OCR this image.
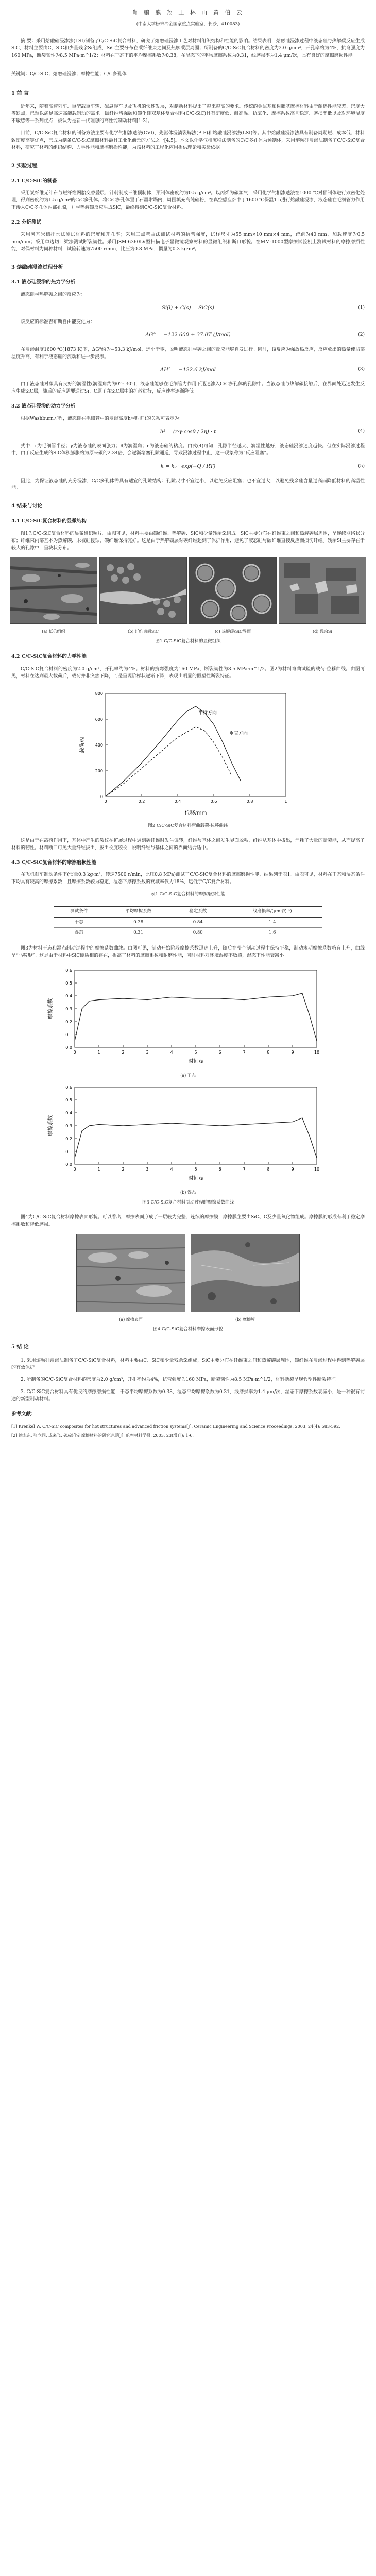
肖 鹏 熊 翔 王 林 山 黄 伯 云

(中南大学粉末冶金国家重点实验室，长沙，410083)

摘 要：采用熔融硅浸渗法(LSI)制备了C/C-SiC复合材料，研究了熔融硅浸渗工艺对材料组织结构和性能的影响。结果表明，熔融硅浸渗过程中液态硅与热解碳反应生成SiC，材料主要由C、SiC和少量残余Si组成，SiC主要分布在碳纤维束之间及热解碳层周围；所制备的C/C-SiC复合材料的密度为2.0 g/cm³，开孔率约为4%，抗弯强度为160 MPa，断裂韧性为8.5 MPa·m^1/2；材料在干态下的平均摩擦系数为0.38，在湿态下的平均摩擦系数为0.31，线磨损率为1.4 μm/次，具有良好的摩擦磨损性能。

关键词：C/C-SiC；熔融硅浸渗；摩擦性能；C/C多孔体

1 前 言

近年来，随着高速列车、重型载重车辆、磁悬浮车以及飞机的快速发展，对制动材料提出了越来越高的要求。传统的金属基和树脂基摩擦材料由于耐热性能较差、密度大等缺点，已难以满足高速高能载制动的需求。碳纤维增强碳和碳化硅双基体复合材料(C/C-SiC)具有密度低、耐高温、抗氧化、摩擦系数高且稳定、磨损率低以及对环境湿度不敏感等一系列优点，被认为是新一代理想的高性能制动材料[1-3]。

目前，C/C-SiC复合材料的制备方法主要有化学气相渗透法(CVI)、先驱体浸渍裂解法(PIP)和熔融硅浸渗法(LSI)等。其中熔融硅浸渗法具有制备周期短、成本低、材料致密度高等优点，已成为制备C/C-SiC摩擦材料最具工业化前景的方法之一[4,5]。本文以化学气相沉积法制备的C/C多孔体为预制体，采用熔融硅浸渗法制备了C/C-SiC复合材料，研究了材料的组织结构、力学性能和摩擦磨损性能，为该材料的工程化应用提供理论和实验依据。

2 实验过程
2.1 C/C-SiC的制备

采用炭纤维无纬布与短纤维网胎交替叠层、针刺制成三维预制体，预制体密度约为0.5 g/cm³。以丙烯为碳源气，采用化学气相渗透法在1000 ℃对预制体进行致密化处理，得到密度约为1.5 g/cm³的C/C多孔体。将C/C多孔体置于石墨坩埚内，周围填充高纯硅粉，在真空感应炉中于1600 ℃保温1 h进行熔融硅浸渗，液态硅在毛细管力作用下渗入C/C多孔体内部孔隙，并与热解碳反应生成SiC，最终得到C/C-SiC复合材料。

2.2 分析测试

采用阿基米德排水法测试材料的密度和开孔率；采用三点弯曲法测试材料的抗弯强度，试样尺寸为55 mm×10 mm×4 mm，跨距为40 mm，加载速度为0.5 mm/min；采用单边切口梁法测试断裂韧性。采用JSM-6360LV型扫描电子显微镜观察材料的显微组织和断口形貌。在MM-1000型摩擦试验机上测试材料的摩擦磨损性能，对偶材料为同种材料，试验转速为7500 r/min，比压为0.8 MPa，惯量为0.3 kg·m²。

3 熔融硅浸渗过程分析
3.1 液态硅浸渗的热力学分析

液态硅与热解碳之间的反应为：

Si(l) + C(s) = SiC(s)	(1)

该反应的标准吉布斯自由能变化为：

ΔG° = −122 600 + 37.0T (J/mol)	(2)

在浸渗温度1600 ℃(1873 K)下，ΔG°约为−53.3 kJ/mol，远小于零，说明液态硅与碳之间的反应能够自发进行。同时，该反应为强放热反应，反应放出的热量使局部温度升高，有利于液态硅的流动和进一步浸渗。

ΔH° = −122.6 kJ/mol	(3)

由于液态硅对碳具有良好的润湿性(润湿角约为0°~30°)，液态硅能够在毛细管力作用下迅速渗入C/C多孔体的孔隙中。当液态硅与热解碳接触后，在界面处迅速发生反应生成SiC层，随后的反应需要通过Si、C原子在SiC层中的扩散进行，反应速率逐渐降低。

3.2 液态硅浸渗的动力学分析

根据Washburn方程，液态硅在毛细管中的浸渗高度h与时间t的关系可表示为：

h² = (r·γ·cosθ / 2η) · t	(4)

式中：r为毛细管半径；γ为液态硅的表面张力；θ为润湿角；η为液态硅的粘度。由式(4)可知，孔隙半径越大、润湿性越好，液态硅浸渗速度越快。但在实际浸渗过程中，由于反应生成的SiC体积膨胀约为原来碳的2.34倍，会逐渐堵塞孔隙通道，导致浸渗过程中止，这一现象称为“反应阻塞”。

k = k₀ · exp(−Q / RT)	(5)

因此，为保证液态硅的充分浸渗，C/C多孔体需具有适宜的孔隙结构：孔隙尺寸不宜过小，以避免反应阻塞；也不宜过大，以避免残余硅含量过高而降低材料的高温性能。

4 结果与讨论
4.1 C/C-SiC复合材料的显微结构

图1为C/C-SiC复合材料的显微组织照片。由图可见，材料主要由碳纤维、热解碳、SiC和少量残余Si组成。SiC主要分布在纤维束之间和热解碳层周围，呈连续网络状分布；纤维束内部基本为热解碳，未被硅侵蚀，碳纤维保持完好。这是由于热解碳层对碳纤维起到了保护作用，避免了液态硅与碳纤维直接反应而损伤纤维。残余Si主要存在于较大的孔隙中，呈块状分布。

(a) 低倍组织	(b) 纤维束间SiC	(c) 热解碳/SiC界面	(d) 残余Si

图1 C/C-SiC复合材料的显微组织

4.2 C/C-SiC复合材料的力学性能

C/C-SiC复合材料的密度为2.0 g/cm³，开孔率约为4%。材料的抗弯强度为160 MPa，断裂韧性为8.5 MPa·m^1/2。图2为材料弯曲试验的载荷-位移曲线。由图可见，材料在达到最大载荷后，载荷并非突然下降，而是呈现阶梯状逐渐下降，表现出明显的假塑性断裂特征。

0	0.2	0.4	0.6	0.8	1
0
200
400
600
800
位移/mm
载荷/N
平行方向
垂直方向

图2 C/C-SiC复合材料弯曲载荷-位移曲线

这是由于在载荷作用下，基体中产生的裂纹在扩展过程中遇到碳纤维时发生偏转，纤维与基体之间发生界面脱粘，纤维从基体中拔出，消耗了大量的断裂能，从而提高了材料的韧性。材料断口可见大量纤维拔出，拔出长度较长，说明纤维与基体之间的界面结合适中。

4.3 C/C-SiC复合材料的摩擦磨损性能

在飞机刹车制动条件下(惯量0.3 kg·m²，转速7500 r/min，比压0.8 MPa)测试了C/C-SiC复合材料的摩擦磨损性能，结果列于表1。由表可见，材料在干态和湿态条件下均具有较高的摩擦系数，且摩擦系数较为稳定，湿态下摩擦系数的衰减率仅为18%，远低于C/C复合材料。

表1 C/C-SiC复合材料的摩擦磨损性能

测试条件	平均摩擦系数	稳定系数	线磨损率/(μm·次⁻¹)
干态	0.38	0.84	1.4
湿态	0.31	0.80	1.6

图3为材料干态和湿态制动过程中的摩擦系数曲线。由图可见，制动开始阶段摩擦系数迅速上升，随后在整个制动过程中保持平稳，制动末期摩擦系数略有上升，曲线呈“马鞍形”。这是由于材料中SiC硬质相的存在，提高了材料的摩擦系数和耐磨性能，同时材料对环境湿度不敏感，湿态下性能衰减小。

0	1	2	3	4	5	6	7	8	9	10
0.0
0.1
0.2
0.3
0.4
0.5
0.6
时间/s
摩擦系数
(a) 干态
0	1	2	3	4	5	6	7	8	9	10
0.0
0.1
0.2
0.3
0.4
0.5
0.6
时间/s
摩擦系数
(b) 湿态

图3 C/C-SiC复合材料制动过程的摩擦系数曲线

图4为C/C-SiC复合材料摩擦表面形貌。可以看出，摩擦表面形成了一层较为完整、连续的摩擦膜，摩擦膜主要由SiC、C及少量氧化物组成。摩擦膜的形成有利于稳定摩擦系数和降低磨损。

(a) 摩擦表面	(b) 摩擦膜

图4 C/C-SiC复合材料摩擦表面形貌

5 结 论

1. 采用熔融硅浸渗法制备了C/C-SiC复合材料，材料主要由C、SiC和少量残余Si组成，SiC主要分布在纤维束之间和热解碳层周围，碳纤维在浸渗过程中得到热解碳层的有效保护。

2. 所制备的C/C-SiC复合材料的密度为2.0 g/cm³，开孔率约为4%，抗弯强度为160 MPa，断裂韧性为8.5 MPa·m^1/2，材料断裂呈现假塑性断裂特征。

3. C/C-SiC复合材料具有优良的摩擦磨损性能，干态平均摩擦系数为0.38，湿态平均摩擦系数为0.31，线磨损率为1.4 μm/次，湿态下摩擦系数衰减小，是一种很有前途的新型制动材料。

参考文献：
[1] Krenkel W. C/C-SiC composites for hot structures and advanced friction systems[J]. Ceramic Engineering and Science Proceedings, 2003, 24(4): 583-592.
[2] 徐永东, 张立同, 成来飞. 碳/碳化硅摩擦材料的研究进展[J]. 航空材料学报, 2003, 23(增刊): 1-6.
